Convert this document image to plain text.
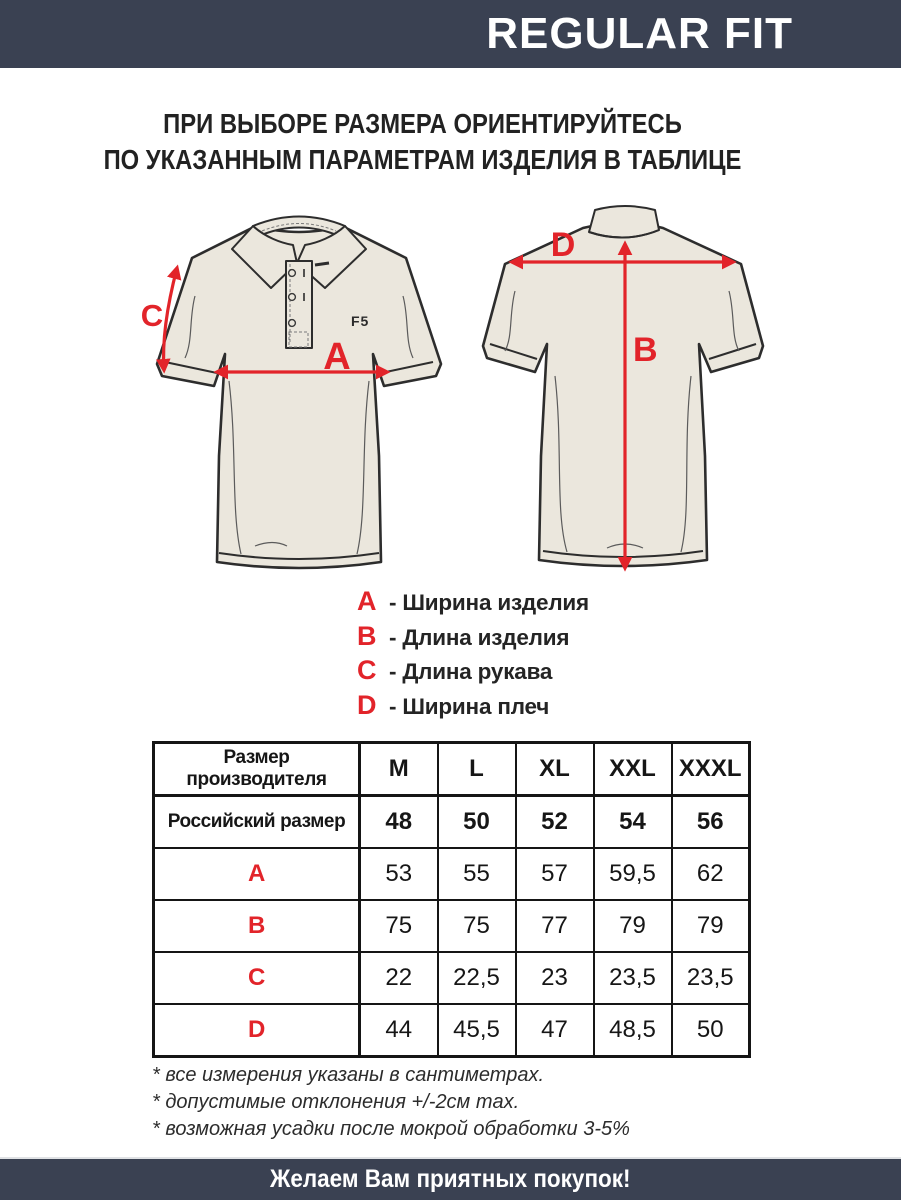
REGULAR FIT
ПРИ ВЫБОРЕ РАЗМЕРА ОРИЕНТИРУЙТЕСЬ
ПО УКАЗАННЫМ ПАРАМЕТРАМ ИЗДЕЛИЯ В ТАБЛИЦЕ
F5
C
A
D
B
A - Ширина изделия
B - Длина изделия
C - Длина рукава
D - Ширина плеч
Размер производителя	M	L	XL	XXL	XXXL
Российский размер	48	50	52	54	56
A	53	55	57	59,5	62
B	75	75	77	79	79
C	22	22,5	23	23,5	23,5
D	44	45,5	47	48,5	50
* все измерения указаны в сантиметрах.
* допустимые отклонения +/-2см max.
* возможная усадки после мокрой обработки 3-5%
Желаем Вам приятных покупок!
